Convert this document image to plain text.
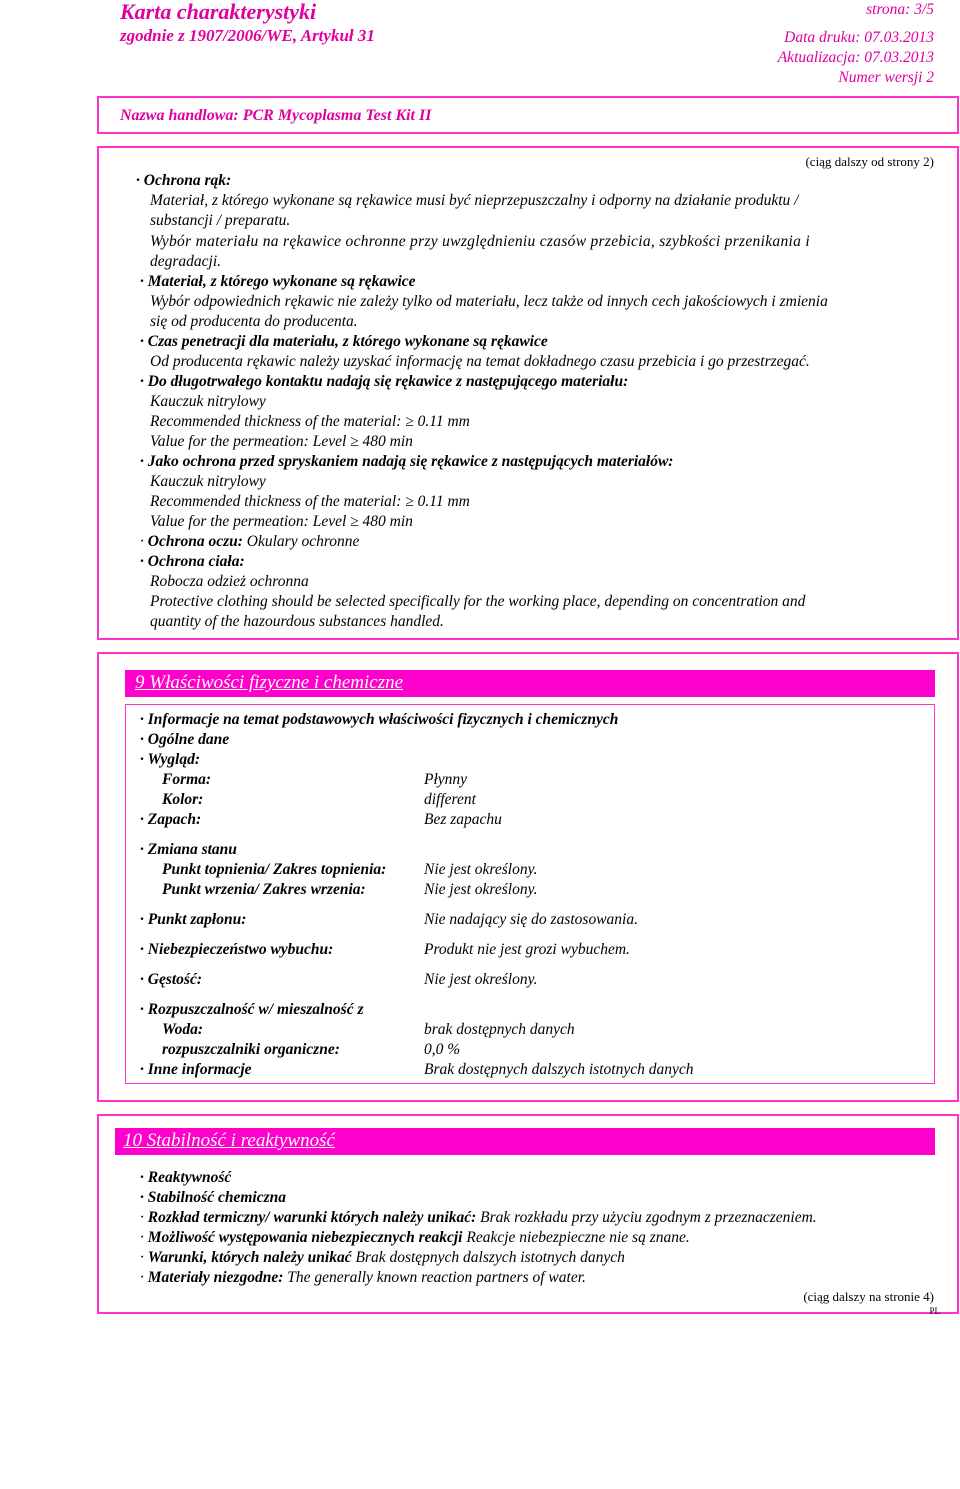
Karta charakterystyki
zgodnie z 1907/2006/WE, Artykuł 31
strona: 3/5
Data druku: 07.03.2013
Aktualizacja: 07.03.2013
Numer wersji 2
Nazwa handlowa: PCR Mycoplasma Test Kit II
(ciąg dalszy od strony 2)
· Ochrona rąk:
Materiał, z którego wykonane są rękawice musi być nieprzepuszczalny i odporny na działanie produktu /
substancji / preparatu.
Wybór materiału na rękawice ochronne przy uwzględnieniu czasów przebicia, szybkości przenikania i
degradacji.
· Materiał, z którego wykonane są rękawice
Wybór odpowiednich rękawic nie zależy tylko od materiału, lecz także od innych cech jakościowych i zmienia
się od producenta do producenta.
· Czas penetracji dla materiału, z którego wykonane są rękawice
Od producenta rękawic należy uzyskać informację na temat dokładnego czasu przebicia i go przestrzegać.
· Do długotrwałego kontaktu nadają się rękawice z następującego materiału:
Kauczuk nitrylowy
Recommended thickness of the material: ≥ 0.11 mm
Value for the permeation: Level ≥ 480 min
· Jako ochrona przed spryskaniem nadają się rękawice z następujących materiałów:
Kauczuk nitrylowy
Recommended thickness of the material: ≥ 0.11 mm
Value for the permeation: Level ≥ 480 min
· Ochrona oczu: Okulary ochronne
· Ochrona ciała:
Robocza odzież ochronna
Protective clothing should be selected specifically for the working place, depending on concentration and
quantity of the hazourdous substances handled.
9 Właściwości fizyczne i chemiczne
· Informacje na temat podstawowych właściwości fizycznych i chemicznych
· Ogólne dane
· Wygląd:
Forma:	Płynny
Kolor:	different
· Zapach:	Bez zapachu
· Zmiana stanu
Punkt topnienia/ Zakres topnienia: Nie jest określony.
Punkt wrzenia/ Zakres wrzenia:	Nie jest określony.
· Punkt zapłonu:	Nie nadający się do zastosowania.
· Niebezpieczeństwo wybuchu:	Produkt nie jest grozi wybuchem.
· Gęstość:	Nie jest określony.
· Rozpuszczalność w/ mieszalność z
Woda:	brak dostępnych danych
rozpuszczalniki organiczne:	0,0 %
· Inne informacje	Brak dostępnych dalszych istotnych danych
10 Stabilność i reaktywność
· Reaktywność
· Stabilność chemiczna
· Rozkład termiczny/ warunki których należy unikać: Brak rozkładu przy użyciu zgodnym z przeznaczeniem.
· Możliwość występowania niebezpiecznych reakcji Reakcje niebezpieczne nie są znane.
· Warunki, których należy unikać Brak dostępnych dalszych istotnych danych
· Materiały niezgodne: The generally known reaction partners of water.
(ciąg dalszy na stronie 4)
PL
